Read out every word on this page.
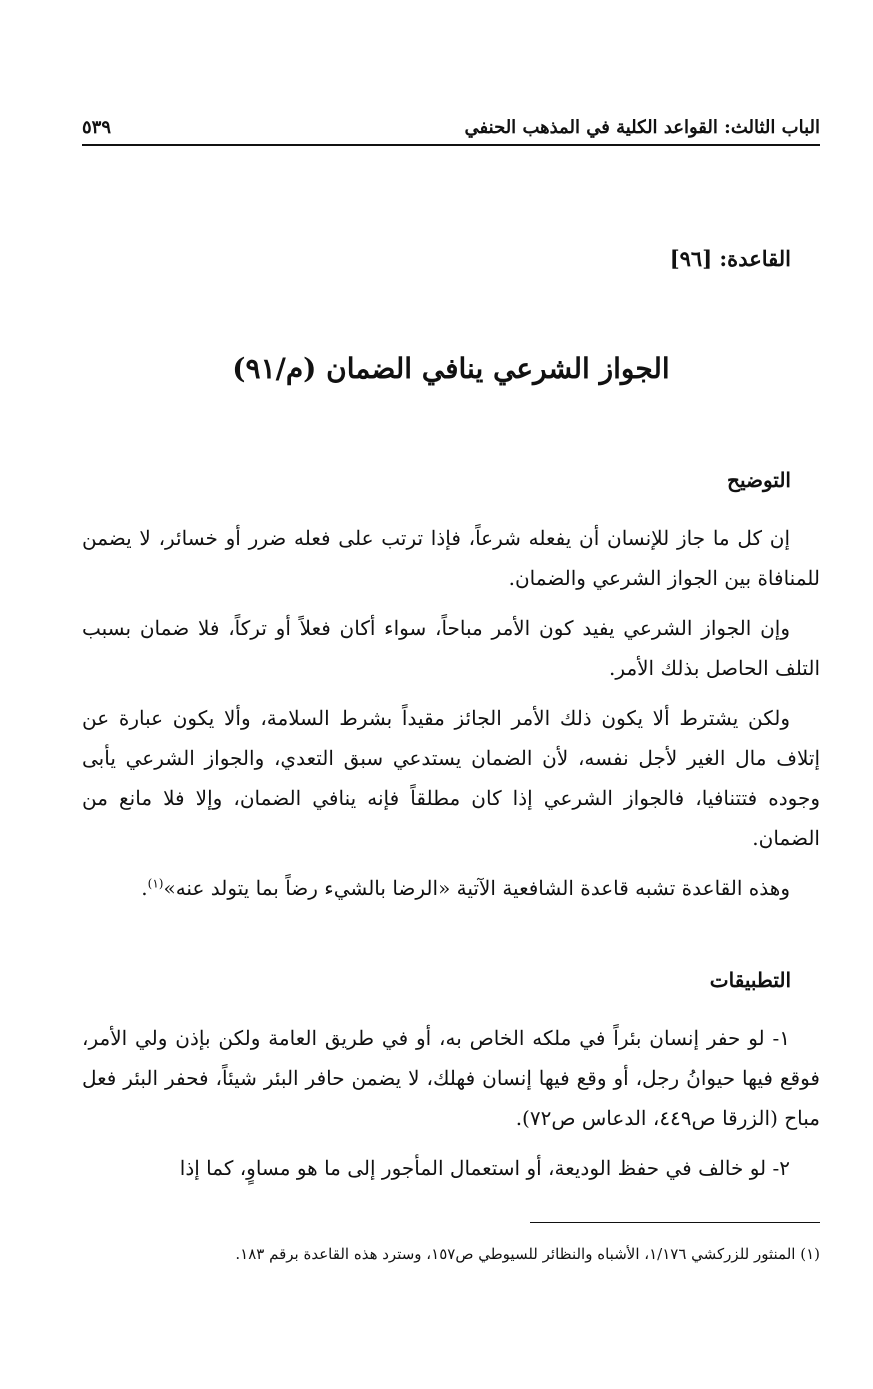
الباب الثالث: القواعد الكلية في المذهب الحنفي
٥٣٩
القاعدة: [٩٦]
الجواز الشرعي ينافي الضمان (م/٩١)
التوضيح

إن كل ما جاز للإنسان أن يفعله شرعاً، فإذا ترتب على فعله ضرر أو خسائر، لا يضمن للمنافاة بين الجواز الشرعي والضمان.

وإن الجواز الشرعي يفيد كون الأمر مباحاً، سواء أكان فعلاً أو تركاً، فلا ضمان بسبب التلف الحاصل بذلك الأمر.

ولكن يشترط ألا يكون ذلك الأمر الجائز مقيداً بشرط السلامة، وألا يكون عبارة عن إتلاف مال الغير لأجل نفسه، لأن الضمان يستدعي سبق التعدي، والجواز الشرعي يأبى وجوده فتتنافيا، فالجواز الشرعي إذا كان مطلقاً فإنه ينافي الضمان، وإلا فلا مانع من الضمان.

وهذه القاعدة تشبه قاعدة الشافعية الآتية «الرضا بالشيء رضاً بما يتولد عنه»$^{(١)}$.

التطبيقات

١- لو حفر إنسان بئراً في ملكه الخاص به، أو في طريق العامة ولكن بإذن ولي الأمر، فوقع فيها حيوانُ رجل، أو وقع فيها إنسان فهلك، لا يضمن حافر البئر شيئاً، فحفر البئر فعل مباح (الزرقا ص٤٤٩، الدعاس ص٧٢).

٢- لو خالف في حفظ الوديعة، أو استعمال المأجور إلى ما هو مساوٍ، كما إذا

(١) المنثور للزركشي ١/١٧٦، الأشباه والنظائر للسيوطي ص١٥٧، وسترد هذه القاعدة برقم ١٨٣.
